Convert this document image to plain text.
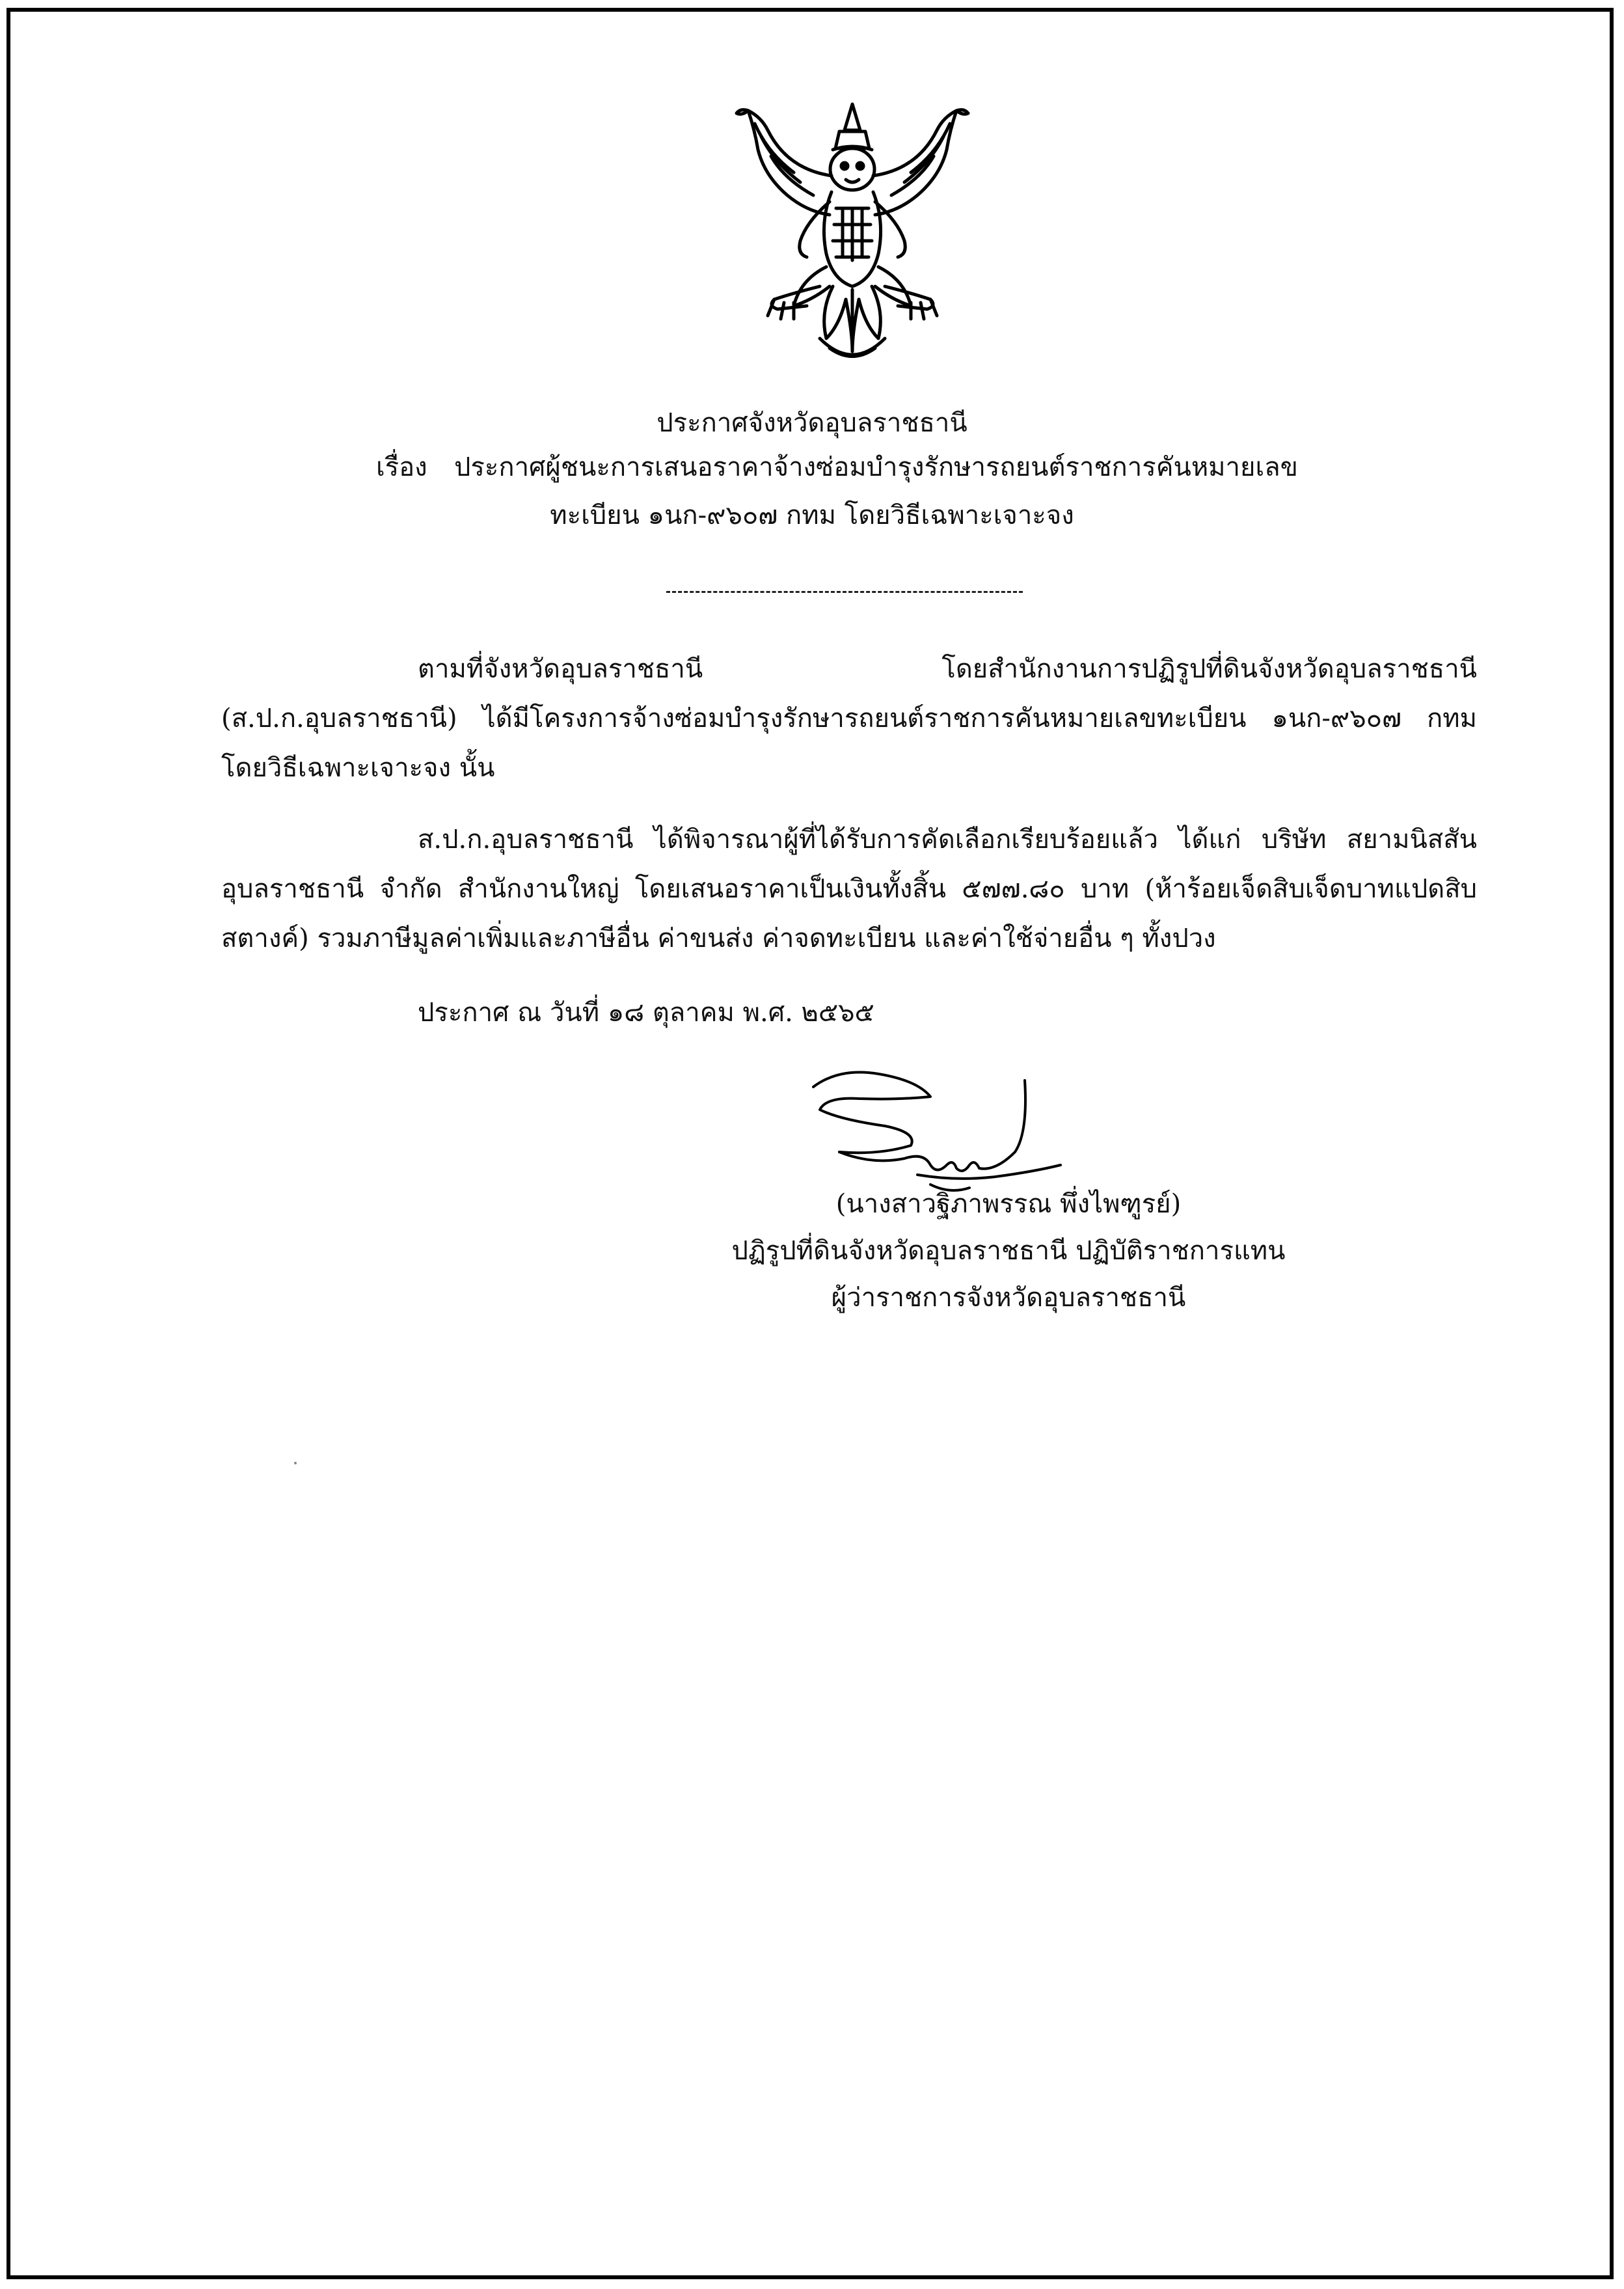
ประกาศจังหวัดอุบลราชธานี
เรื่อง ประกาศผู้ชนะการเสนอราคาจ้างซ่อมบำรุงรักษารถยนต์ราชการคันหมายเลข
ทะเบียน ๑นก-๙๖๐๗ กทม โดยวิธีเฉพาะเจาะจง
ตามที่จังหวัดอุบลราชธานี โดยสำนักงานการปฏิรูปที่ดินจังหวัดอุบลราชธานี (ส.ป.ก.อุบลราชธานี) ได้มีโครงการจ้างซ่อมบำรุงรักษารถยนต์ราชการคันหมายเลขทะเบียน ๑นก-๙๖๐๗ กทม โดยวิธีเฉพาะเจาะจง นั้น
ส.ป.ก.อุบลราชธานี ได้พิจารณาผู้ที่ได้รับการคัดเลือกเรียบร้อยแล้ว ได้แก่ บริษัท สยามนิสสัน อุบลราชธานี จำกัด สำนักงานใหญ่ โดยเสนอราคาเป็นเงินทั้งสิ้น ๕๗๗.๘๐ บาท (ห้าร้อยเจ็ดสิบเจ็ดบาทแปดสิบสตางค์) รวมภาษีมูลค่าเพิ่มและภาษีอื่น ค่าขนส่ง ค่าจดทะเบียน และค่าใช้จ่ายอื่น ๆ ทั้งปวง
ประกาศ ณ วันที่ ๑๘ ตุลาคม พ.ศ. ๒๕๖๕
(นางสาวฐิภาพรรณ พึ่งไพฑูรย์)
ปฏิรูปที่ดินจังหวัดอุบลราชธานี ปฏิบัติราชการแทน
ผู้ว่าราชการจังหวัดอุบลราชธานี
